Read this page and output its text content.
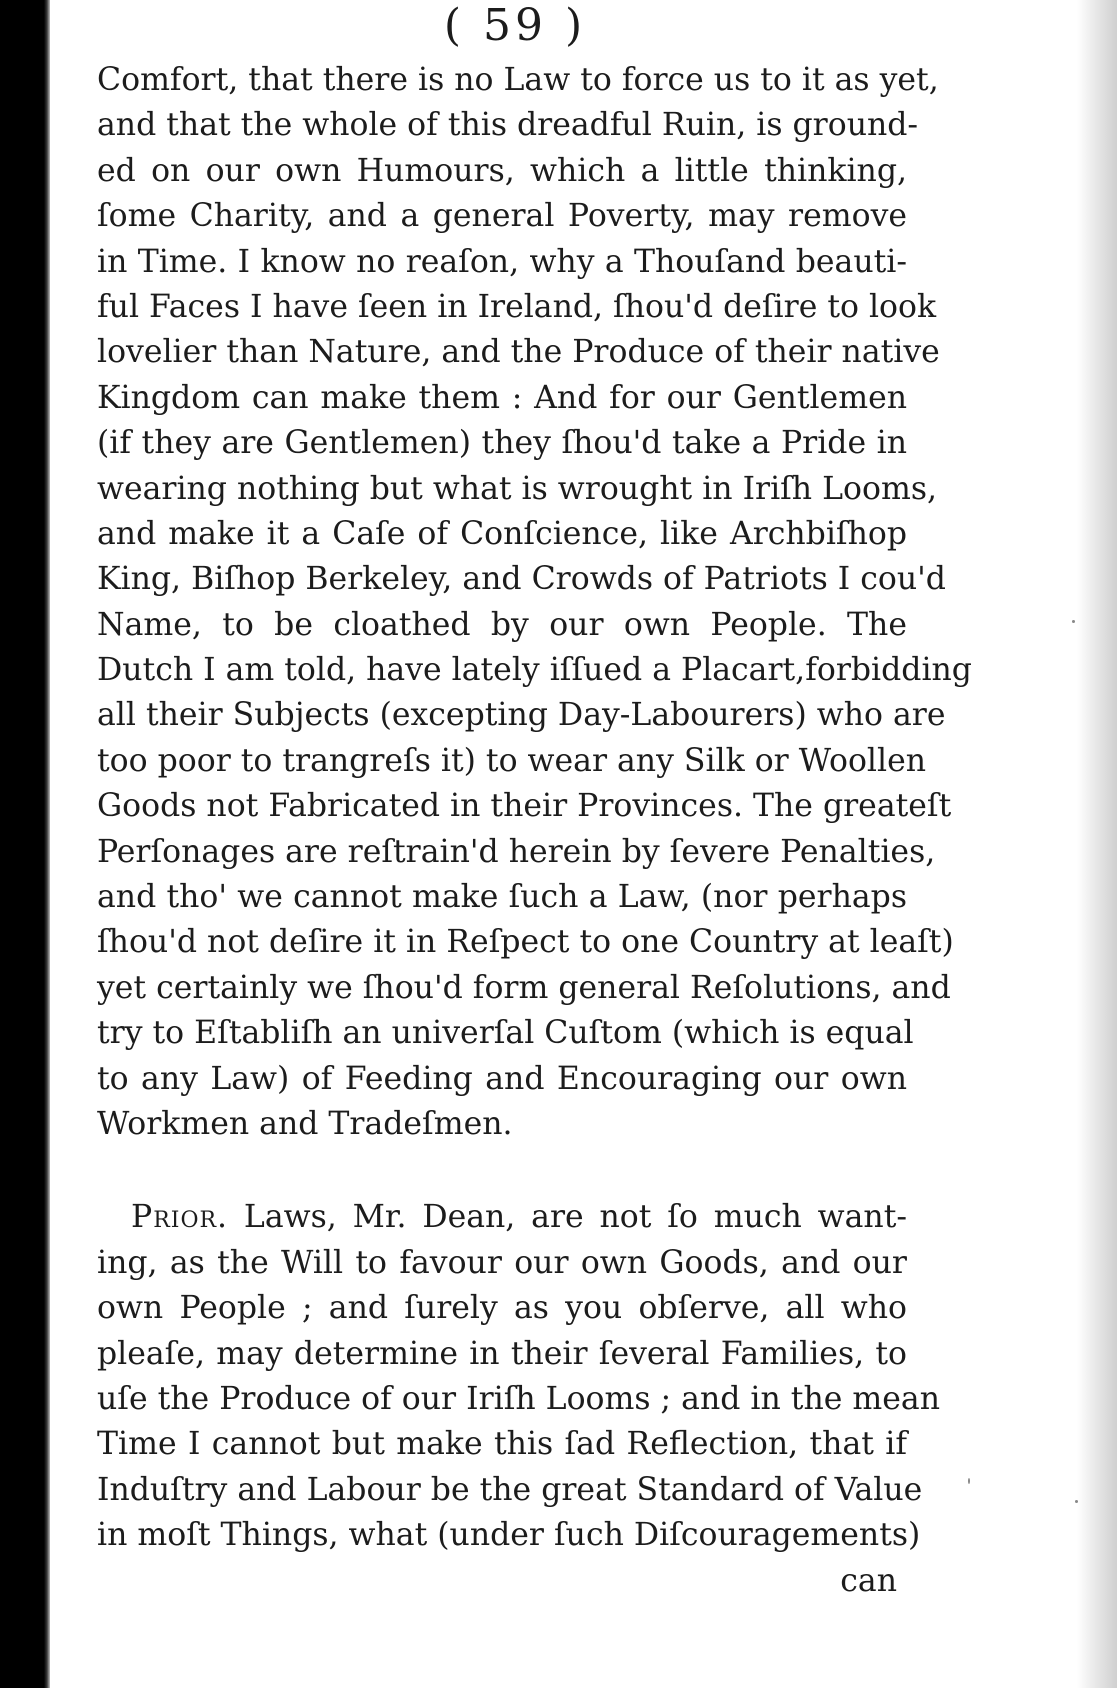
( 59 )
Comfort, that there is no Law to force us to it as yet,
and that the whole of this dreadful Ruin, is ground-
ed on our own Humours, which a little thinking,
ſome Charity, and a general Poverty, may remove
in Time. I know no reaſon, why a Thouſand beauti-
ful Faces I have ſeen in Ireland, ſhou'd deſire to look
lovelier than Nature, and the Produce of their native
Kingdom can make them : And for our Gentlemen
(if they are Gentlemen) they ſhou'd take a Pride in
wearing nothing but what is wrought in Iriſh Looms,
and make it a Caſe of Conſcience, like Archbiſhop
King, Biſhop Berkeley, and Crowds of Patriots I cou'd
Name, to be cloathed by our own People. The
Dutch I am told, have lately iſſued a Placart,forbidding
all their Subjects (excepting Day-Labourers) who are
too poor to trangreſs it) to wear any Silk or Woollen
Goods not Fabricated in their Provinces. The greateſt
Perſonages are reſtrain'd herein by ſevere Penalties,
and tho' we cannot make ſuch a Law, (nor perhaps
ſhou'd not deſire it in Reſpect to one Country at leaſt)
yet certainly we ſhou'd form general Reſolutions, and
try to Eſtabliſh an univerſal Cuſtom (which is equal
to any Law) of Feeding and Encouraging our own
Workmen and Tradeſmen.
Prior. Laws, Mr. Dean, are not ſo much want-
ing, as the Will to favour our own Goods, and our
own People ; and ſurely as you obſerve, all who
pleaſe, may determine in their ſeveral Families, to
uſe the Produce of our Iriſh Looms ; and in the mean
Time I cannot but make this ſad Reflection, that if
Induſtry and Labour be the great Standard of Value
in moſt Things, what (under ſuch Diſcouragements)
can
